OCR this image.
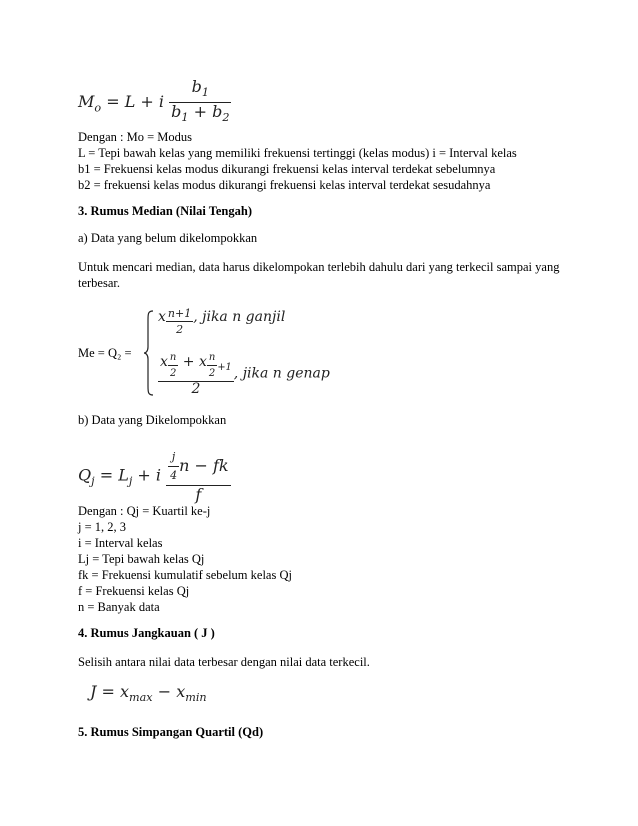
$M_o = L + i \frac{b_1}{b_1 + b_2}$
Dengan : Mo = Modus
L = Tepi bawah kelas yang memiliki frekuensi tertinggi (kelas modus) i = Interval kelas
b1 = Frekuensi kelas modus dikurangi frekuensi kelas interval terdekat sebelumnya
b2 = frekuensi kelas modus dikurangi frekuensi kelas interval terdekat sesudahnya
3. Rumus Median (Nilai Tengah)
a) Data yang belum dikelompokkan
Untuk mencari median, data harus dikelompokan terlebih dahulu dari yang terkecil sampai yang terbesar.
Me = Q₂ =
x $\frac{n+1}{2}$ , jika n ganjil
$\frac{x \frac{n}{2} + x \frac{n}{2} _{+1}}{2}$ , jika n genap
b) Data yang Dikelompokkan
$Q_j = L_j + i \frac{\frac{j}{4} n - fk}{f}$
Dengan : Qj = Kuartil ke-j
j = 1, 2, 3
i = Interval kelas
Lj = Tepi bawah kelas Qj
fk = Frekuensi kumulatif sebelum kelas Qj
f = Frekuensi kelas Qj
n = Banyak data
4. Rumus Jangkauan ( J )
Selisih antara nilai data terbesar dengan nilai data terkecil.
$J = x_{max} - x_{min}$
5. Rumus Simpangan Quartil (Qd)
